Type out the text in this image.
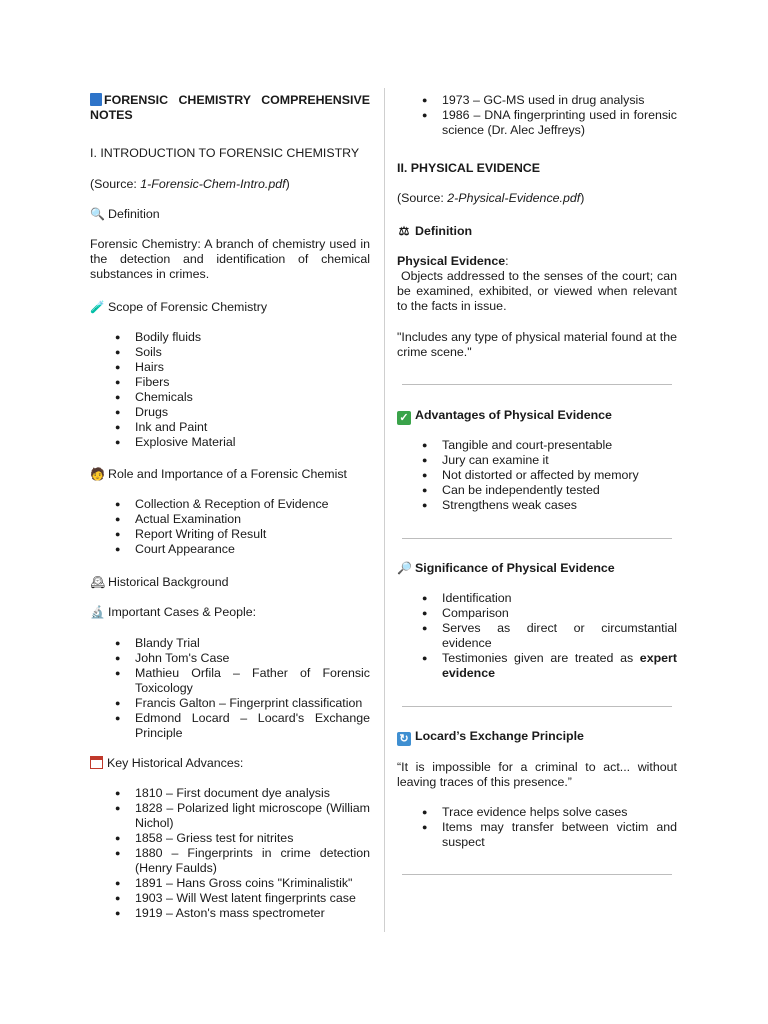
FORENSIC CHEMISTRY COMPREHENSIVE NOTES
I. INTRODUCTION TO FORENSIC CHEMISTRY
(Source: 1-Forensic-Chem-Intro.pdf)
🔍 Definition
Forensic Chemistry: A branch of chemistry used in the detection and identification of chemical substances in crimes.
🧪 Scope of Forensic Chemistry
● Bodily fluids
● Soils
● Hairs
● Fibers
● Chemicals
● Drugs
● Ink and Paint
● Explosive Material
🧑 Role and Importance of a Forensic Chemist
● Collection & Reception of Evidence
● Actual Examination
● Report Writing of Result
● Court Appearance
🕰 Historical Background
🔬 Important Cases & People:
● Blandy Trial
● John Tom's Case
● Mathieu Orfila – Father of Forensic Toxicology
● Francis Galton – Fingerprint classification
● Edmond Locard – Locard's Exchange Principle
Key Historical Advances:
● 1810 – First document dye analysis
● 1828 – Polarized light microscope (William Nichol)
● 1858 – Griess test for nitrites
● 1880 – Fingerprints in crime detection (Henry Faulds)
● 1891 – Hans Gross coins "Kriminalistik"
● 1903 – Will West latent fingerprints case
● 1919 – Aston's mass spectrometer
● 1973 – GC-MS used in drug analysis
● 1986 – DNA fingerprinting used in forensic science (Dr. Alec Jeffreys)
II. PHYSICAL EVIDENCE
(Source: 2-Physical-Evidence.pdf)
⚖ Definition
Physical Evidence:
Objects addressed to the senses of the court; can be examined, exhibited, or viewed when relevant to the facts in issue.
"Includes any type of physical material found at the crime scene."
✓ Advantages of Physical Evidence
● Tangible and court-presentable
● Jury can examine it
● Not distorted or affected by memory
● Can be independently tested
● Strengthens weak cases
🔎 Significance of Physical Evidence
● Identification
● Comparison
● Serves as direct or circumstantial evidence
● Testimonies given are treated as expert evidence
↻ Locard’s Exchange Principle
“It is impossible for a criminal to act... without leaving traces of this presence.”
● Trace evidence helps solve cases
● Items may transfer between victim and suspect
